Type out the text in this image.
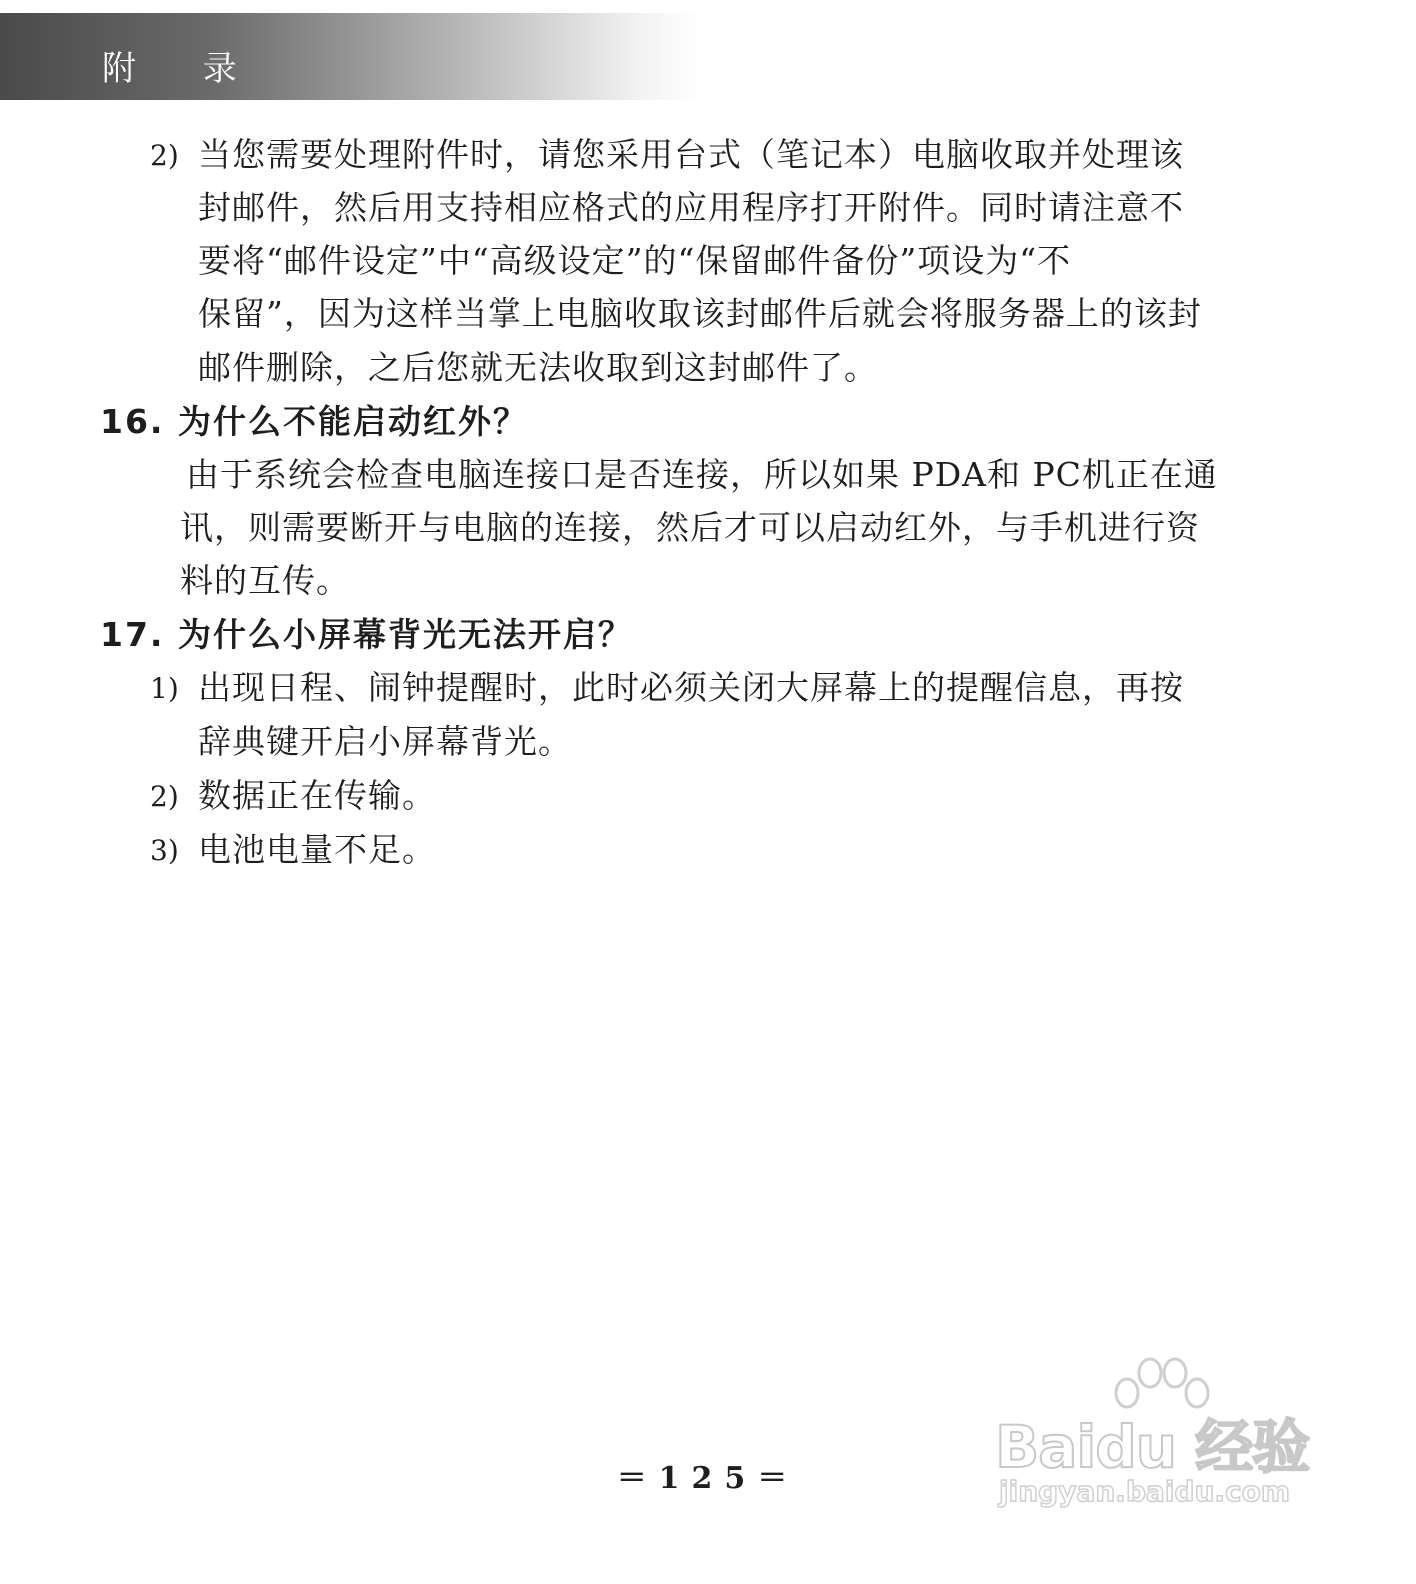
附 录
2) 当您需要处理附件时，请您采用台式（笔记本）电脑收取并处理该
封邮件，然后用支持相应格式的应用程序打开附件。同时请注意不
要将“邮件设定”中“高级设定”的“保留邮件备份”项设为“不
保留”，因为这样当掌上电脑收取该封邮件后就会将服务器上的该封
邮件删除，之后您就无法收取到这封邮件了。
16. 为什么不能启动红外？
由于系统会检查电脑连接口是否连接，所以如果 PDA和 PC机正在通
讯，则需要断开与电脑的连接，然后才可以启动红外，与手机进行资
料的互传。
17. 为什么小屏幕背光无法开启？
1) 出现日程、闹钟提醒时，此时必须关闭大屏幕上的提醒信息，再按
辞典键开启小屏幕背光。
2) 数据正在传输。
3) 电池电量不足。
＝125＝	Baidu 经验
jingyan.baidu.com
